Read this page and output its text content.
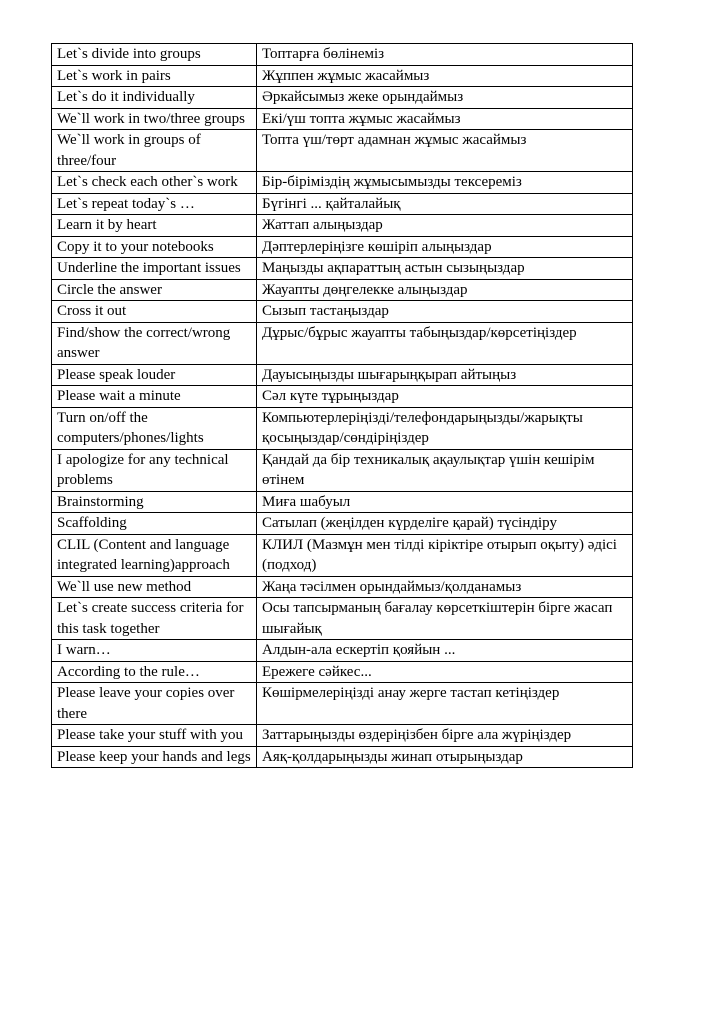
Let`s divide into groups	Топтарға бөлінеміз
Let`s work in pairs	Жұппен жұмыс жасаймыз
Let`s do it individually	Әркайсымыз жеке орындаймыз
We`ll work in two/three groups	Екі/үш топта жұмыс жасаймыз
We`ll work in groups of three/four	Топта үш/төрт адамнан жұмыс жасаймыз
Let`s check each other`s work	Бір-біріміздің жұмысымызды тексереміз
Let`s repeat today`s …	Бүгінгі ... қайталайық
Learn it by heart	Жаттап алыңыздар
Copy it to your notebooks	Дәптерлеріңізге көшіріп алыңыздар
Underline the important issues	Маңызды ақпараттың астын сызыңыздар
Circle the answer	Жауапты дөңгелекке алыңыздар
Cross it out	Сызып тастаңыздар
Find/show the correct/wrong answer	Дұрыс/бұрыс жауапты табыңыздар/көрсетіңіздер
Please speak louder	Дауысыңызды шығарыңқырап айтыңыз
Please wait a minute	Сәл күте тұрыңыздар
Turn on/off the computers/phones/lights	Компьютерлеріңізді/телефондарыңызды/жарықты қосыңыздар/сөндіріңіздер
I apologize for any technical problems	Қандай да бір техникалық ақаулықтар үшін кешірім өтінем
Brainstorming	Миға шабуыл
Scaffolding	Сатылап (жеңілден күрделіге қарай) түсіндіру
CLIL (Content and language integrated learning)approach	КЛИЛ (Мазмұн мен тілді кіріктіре отырып оқыту) әдісі (подход)
We`ll use new method	Жаңа тәсілмен орындаймыз/қолданамыз
Let`s create success criteria for this task together	Осы тапсырманың бағалау көрсеткіштерін бірге жасап шығайық
I warn…	Алдын-ала ескертіп қояйын ...
According to the rule…	Ережеге сәйкес...
Please leave your copies over there	Көшірмелеріңізді анау жерге тастап кетіңіздер
Please take your stuff with you	Заттарыңызды өздеріңізбен бірге ала жүріңіздер
Please keep your hands and legs	Аяқ-қолдарыңызды жинап отырыңыздар
